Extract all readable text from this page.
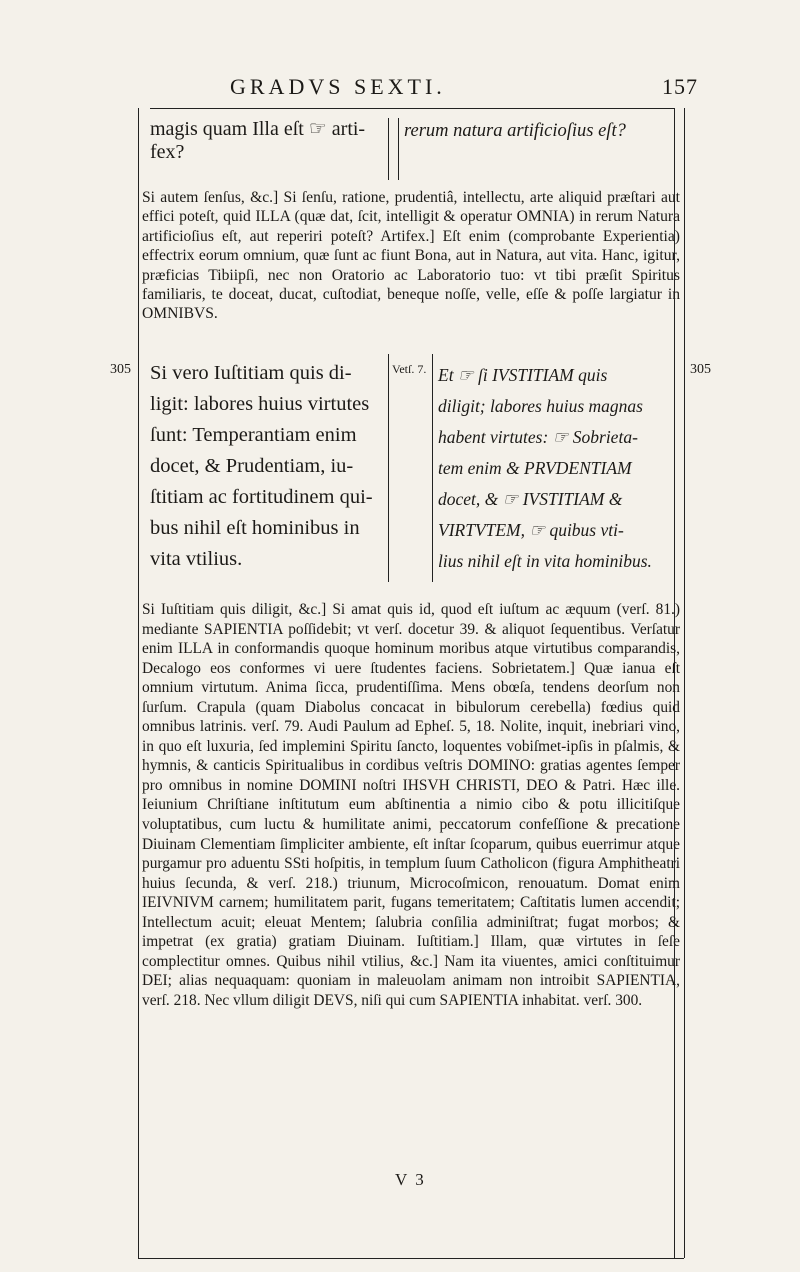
GRADVS SEXTI.	157
magis quam Illa eſt ☞ arti-
fex?
rerum natura artificioſius eſt?

Si autem ſenſus, &c.] Si ſenſu, ratione, prudentiâ, intellectu, arte aliquid præſtari aut effici poteſt, quid ILLA (quæ dat, ſcit, intelligit & operatur OMNIA) in rerum Natura artificioſius eſt, aut reperiri poteſt? Artifex.] Eſt enim (comprobante Experientia) effectrix eorum omnium, quæ ſunt ac fiunt Bona, aut in Natura, aut vita. Hanc, igitur, præficias Tibiipſi, nec non Oratorio ac Laboratorio tuo: vt tibi præſit Spiritus familiaris, te doceat, ducat, cuſtodiat, beneque noſſe, velle, eſſe & poſſe largiatur in OMNIBVS.

305	305
Vetſ. 7.
Si vero Iuſtitiam quis di-
ligit: labores huius virtutes
ſunt: Temperantiam enim
docet, & Prudentiam, iu-
ſtitiam ac fortitudinem qui-
bus nihil eſt hominibus in
vita vtilius.
Et ☞ ſi IVSTITIAM quis
diligit; labores huius magnas
habent virtutes: ☞ Sobrieta-
tem enim & PRVDENTIAM
docet, & ☞ IVSTITIAM &
VIRTVTEM, ☞ quibus vti-
lius nihil eſt in vita hominibus.

Si Iuſtitiam quis diligit, &c.] Si amat quis id, quod eſt iuſtum ac æquum (verſ. 81.) mediante SAPIENTIA poſſidebit; vt verſ. docetur 39. & aliquot ſequentibus. Verſatur enim ILLA in conformandis quoque hominum moribus atque virtutibus comparandis, Decalogo eos conformes vi uere ſtudentes faciens. Sobrietatem.] Quæ ianua eſt omnium virtutum. Anima ſicca, prudentiſſima. Mens obœſa, tendens deorſum non ſurſum. Crapula (quam Diabolus concacat in bibulorum cerebella) fœdius quid omnibus latrinis. verſ. 79. Audi Paulum ad Epheſ. 5, 18. Nolite, inquit, inebriari vino, in quo eſt luxuria, ſed implemini Spiritu ſancto, loquentes vobiſmet-ipſis in pſalmis, & hymnis, & canticis Spiritualibus in cordibus veſtris DOMINO: gratias agentes ſemper pro omnibus in nomine DOMINI noſtri IHSVH CHRISTI, DEO & Patri. Hæc ille. Ieiunium Chriſtiane inſtitutum eum abſtinentia a nimio cibo & potu illicitiſque voluptatibus, cum luctu & humilitate animi, peccatorum confeſſione & precatione Diuinam Clementiam ſimpliciter ambiente, eſt inſtar ſcoparum, quibus euerrimur atque purgamur pro aduentu SSti hoſpitis, in templum ſuum Catholicon (figura Amphitheatri huius ſecunda, & verſ. 218.) triunum, Microcoſmicon, renouatum. Domat enim IEIVNIVM carnem; humilitatem parit, fugans temeritatem; Caſtitatis lumen accendit; Intellectum acuit; eleuat Mentem; ſalubria conſilia adminiſtrat; fugat morbos; & impetrat (ex gratia) gratiam Diuinam. Iuſtitiam.] Illam, quæ virtutes in ſeſe complectitur omnes. Quibus nihil vtilius, &c.] Nam ita viuentes, amici conſtituimur DEI; alias nequaquam: quoniam in maleuolam animam non introibit SAPIENTIA, verſ. 218. Nec vllum diligit DEVS, niſi qui cum SAPIENTIA inhabitat. verſ. 300.

V 3
